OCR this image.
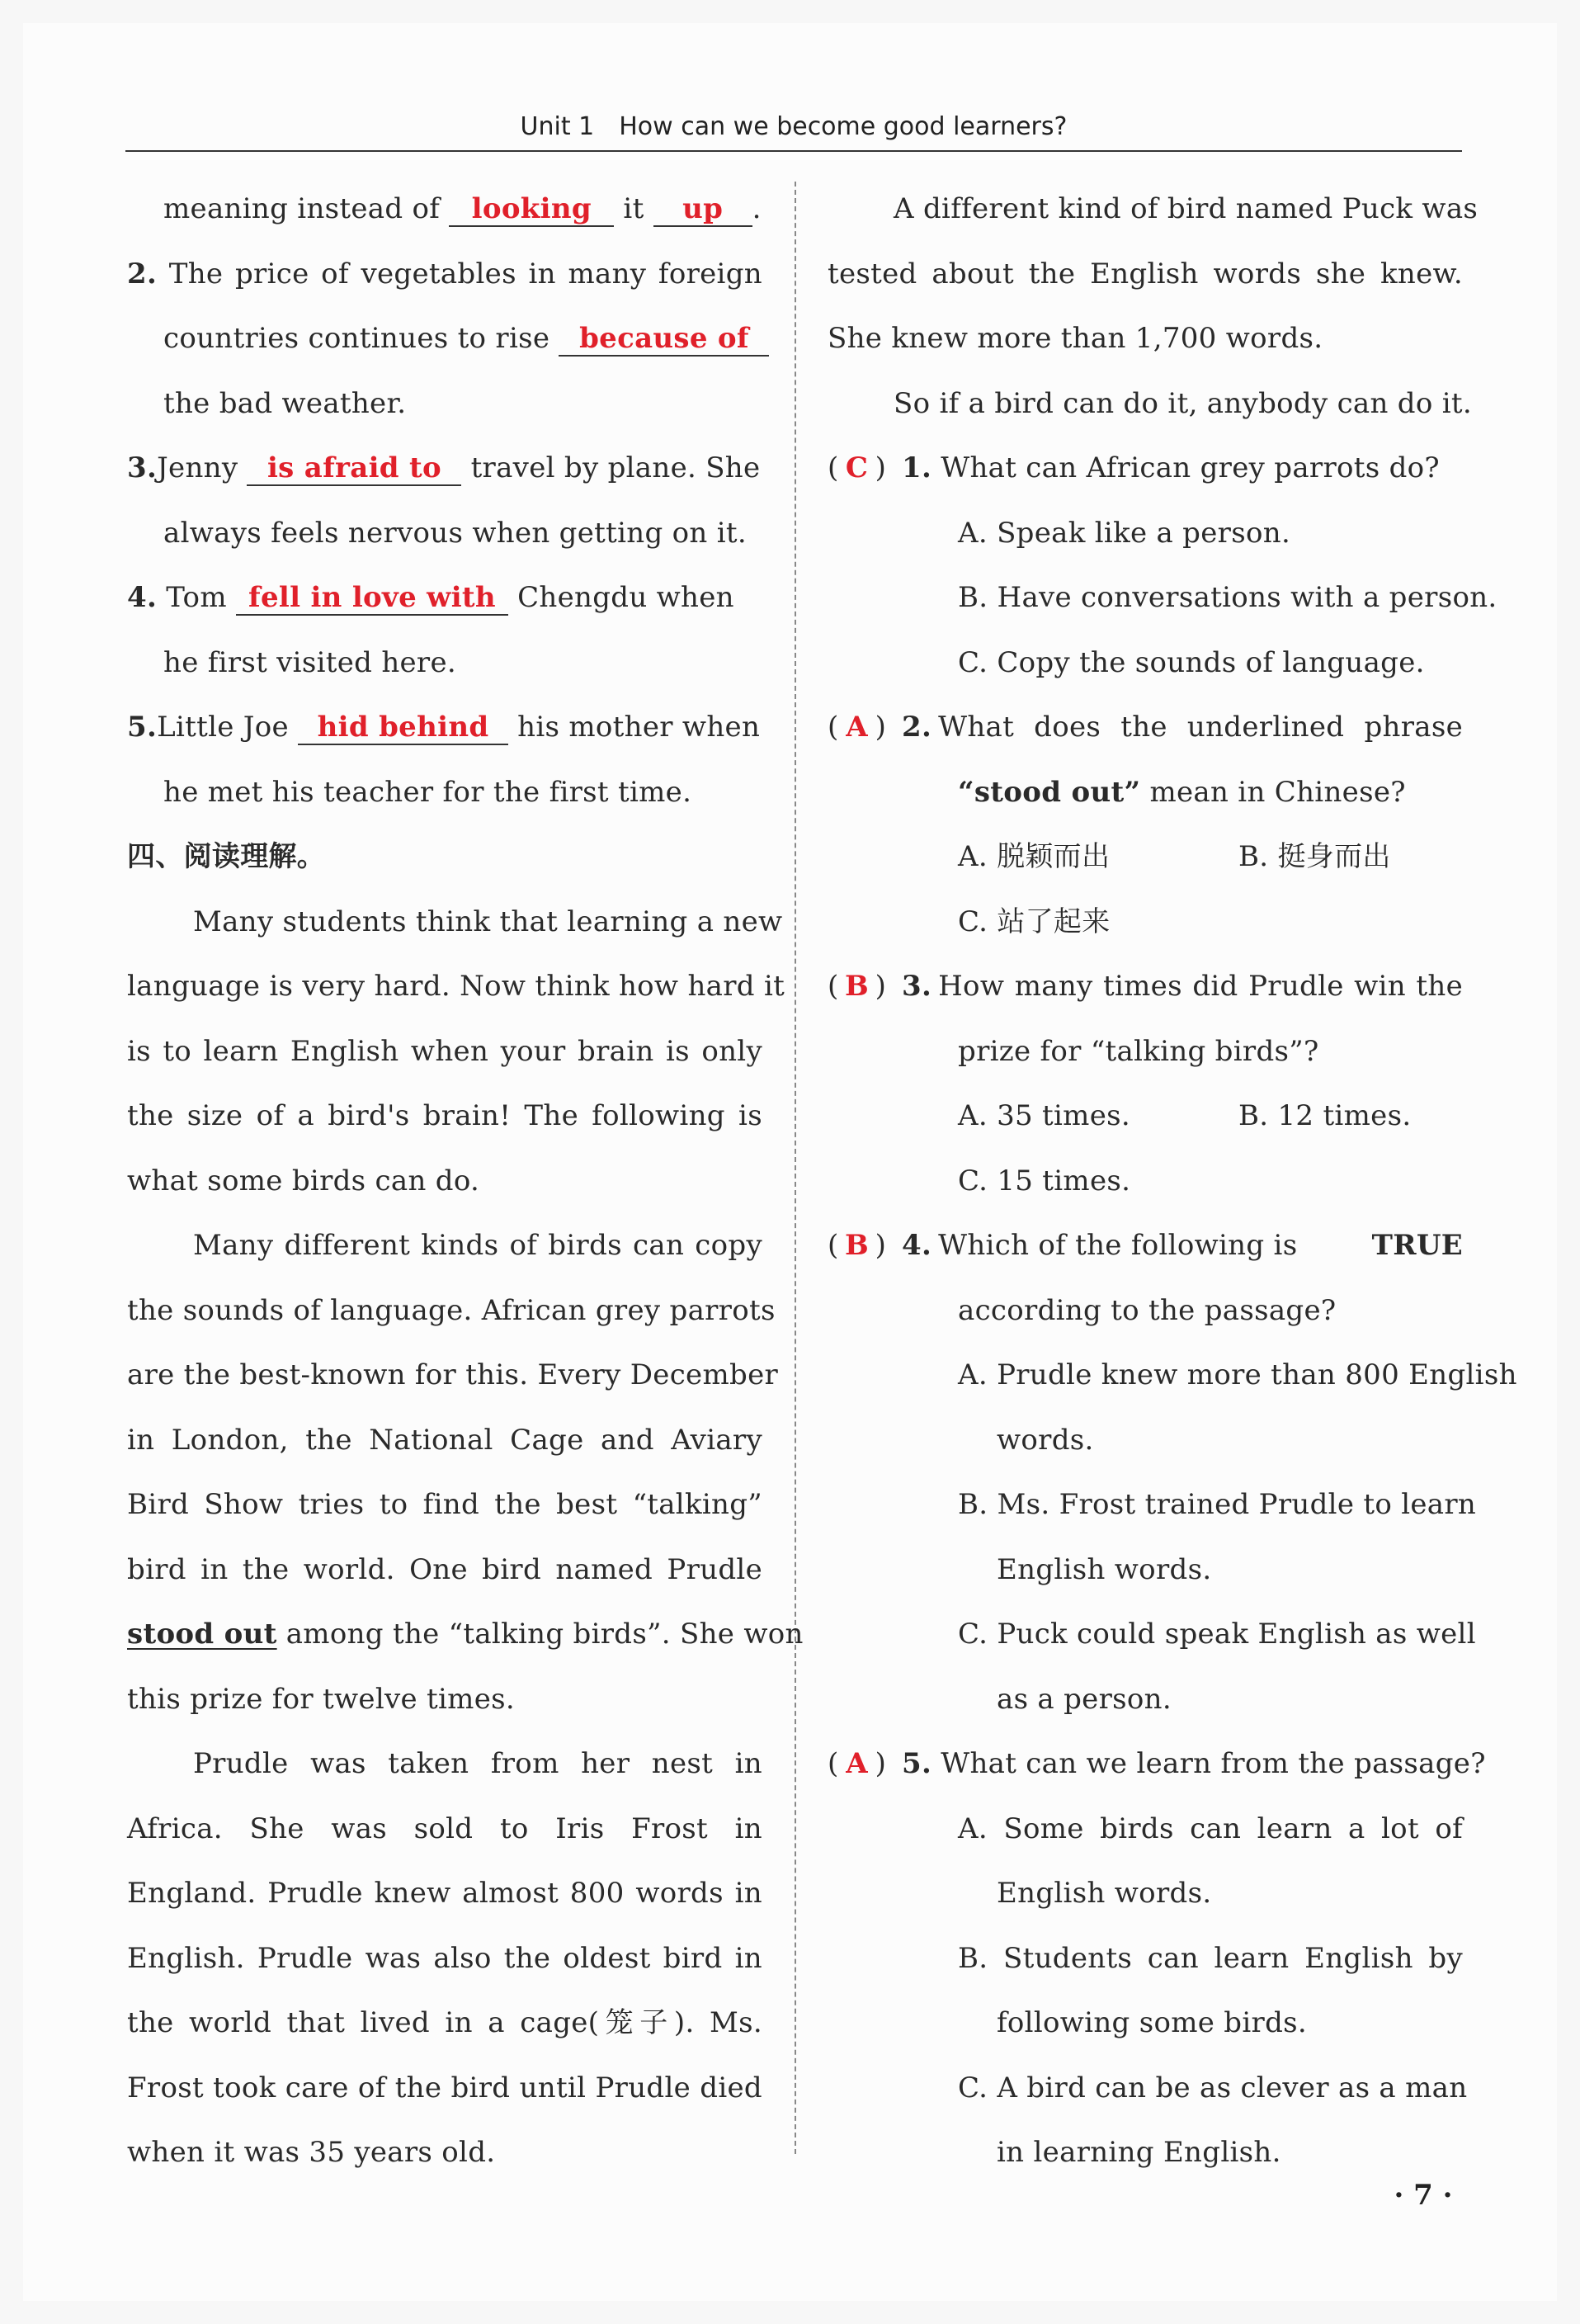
Unit 1 How can we become good learners?
meaning instead of looking it up .
2. The price of vegetables in many foreign
countries continues to rise because of
the bad weather.
3.Jenny is afraid to travel by plane. She
always feels nervous when getting on it.
4. Tom fell in love with Chengdu when
he first visited here.
5.Little Joe hid behind his mother when
he met his teacher for the first time.
四、阅读理解。
Many students think that learning a new
language is very hard. Now think how hard it
is to learn English when your brain is only
the size of a bird's brain! The following is
what some birds can do.
Many different kinds of birds can copy
the sounds of language. African grey parrots
are the best-known for this. Every December
in London, the National Cage and Aviary
Bird Show tries to find the best “talking”
bird in the world. One bird named Prudle
stood out among the “talking birds”. She won
this prize for twelve times.
Prudle was taken from her nest in
Africa. She was sold to Iris Frost in
England. Prudle knew almost 800 words in
English. Prudle was also the oldest bird in
the world that lived in a cage(笼子). Ms.
Frost took care of the bird until Prudle died
when it was 35 years old.
A different kind of bird named Puck was
tested about the English words she knew.
She knew more than 1,700 words.
So if a bird can do it, anybody can do it.
( C ) 1. What can African grey parrots do?
A. Speak like a person.
B. Have conversations with a person.
C. Copy the sounds of language.
( A ) 2. What does the underlined phrase
“stood out” mean in Chinese?
A. 脱颖而出	B. 挺身而出
C. 站了起来
( B ) 3. How many times did Prudle win the
prize for “talking birds”?
A. 35 times.	B. 12 times.
C. 15 times.
( B ) 4. Which of the following is	TRUE
according to the passage?
A. Prudle knew more than 800 English
words.
B. Ms. Frost trained Prudle to learn
English words.
C. Puck could speak English as well
as a person.
( A ) 5. What can we learn from the passage?
A. Some birds can learn a lot of
English words.
B. Students can learn English by
following some birds.
C. A bird can be as clever as a man
in learning English.
· 7 ·
